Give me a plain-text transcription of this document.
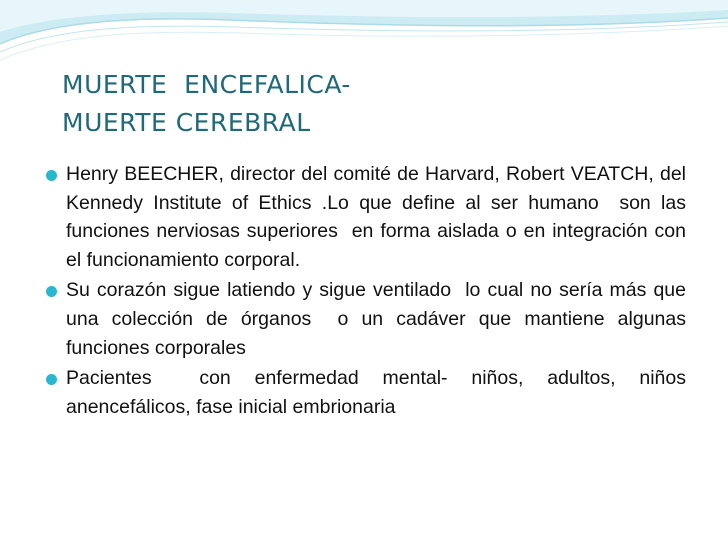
MUERTE  ENCEFALICA-
MUERTE CEREBRAL
Henry BEECHER, director del comité de Harvard, Robert VEATCH, del Kennedy Institute of Ethics .Lo que define al ser humano  son las funciones nerviosas superiores  en forma aislada o en integración con el funcionamiento corporal.
Su corazón sigue latiendo y sigue ventilado  lo cual no sería más que una colección de órganos  o un cadáver que mantiene algunas funciones corporales
Pacientes  con enfermedad mental- niños, adultos, niños anencefálicos, fase inicial embrionaria
